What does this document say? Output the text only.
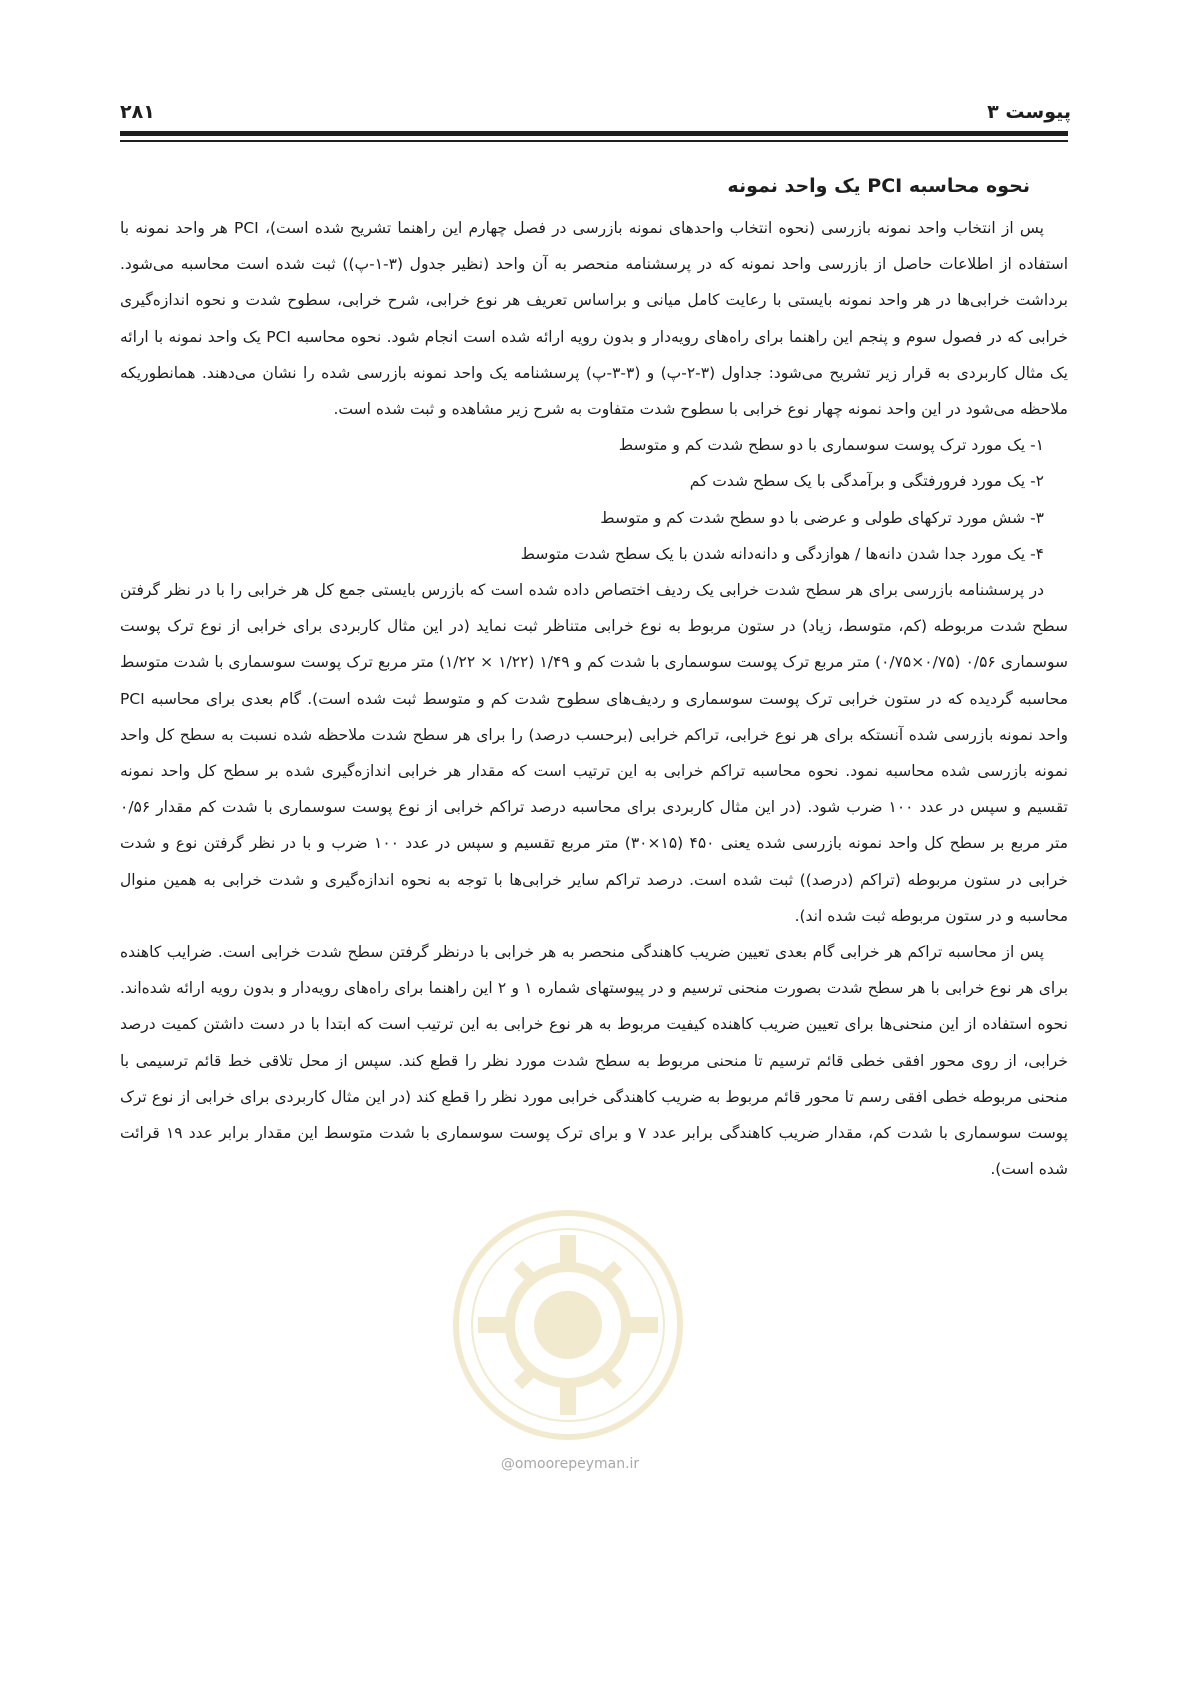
پیوست ۳
۲۸۱
نحوه محاسبه PCI یک واحد نمونه

پس از انتخاب واحد نمونه بازرسی (نحوه انتخاب واحدهای نمونه بازرسی در فصل چهارم این راهنما تشریح شده است)، PCI هر واحد نمونه با استفاده از اطلاعات حاصل از بازرسی واحد نمونه که در پرسشنامه منحصر به آن واحد (نظیر جدول (۳-۱-پ)) ثبت شده است محاسبه می‌شود. برداشت خرابی‌ها در هر واحد نمونه بایستی با رعایت کامل میانی و براساس تعریف هر نوع خرابی، شرح خرابی، سطوح شدت و نحوه اندازه‌گیری خرابی که در فصول سوم و پنجم این راهنما برای راه‌های رویه‌دار و بدون رویه ارائه شده است انجام شود. نحوه محاسبه PCI یک واحد نمونه با ارائه یک مثال کاربردی به قرار زیر تشریح می‌شود: جداول (۳-۲-پ) و (۳-۳-پ) پرسشنامه یک واحد نمونه بازرسی شده را نشان می‌دهند. همانطوریکه ملاحظه می‌شود در این واحد نمونه چهار نوع خرابی با سطوح شدت متفاوت به شرح زیر مشاهده و ثبت شده است.

۱- یک مورد ترک پوست سوسماری با دو سطح شدت کم و متوسط
۲- یک مورد فرورفتگی و برآمدگی با یک سطح شدت کم
۳- شش مورد ترکهای طولی و عرضی با دو سطح شدت کم و متوسط
۴- یک مورد جدا شدن دانه‌ها / هوازدگی و دانه‌دانه شدن با یک سطح شدت متوسط

در پرسشنامه بازرسی برای هر سطح شدت خرابی یک ردیف اختصاص داده شده است که بازرس بایستی جمع کل هر خرابی را با در نظر گرفتن سطح شدت مربوطه (کم، متوسط، زیاد) در ستون مربوط به نوع خرابی متناظر ثبت نماید (در این مثال کاربردی برای خرابی از نوع ترک پوست سوسماری ۰/۵۶ (۰/۷۵×۰/۷۵) متر مربع ترک پوست سوسماری با شدت کم و ۱/۴۹ (۱/۲۲ × ۱/۲۲) متر مربع ترک پوست سوسماری با شدت متوسط محاسبه گردیده که در ستون خرابی ترک پوست سوسماری و ردیف‌های سطوح شدت کم و متوسط ثبت شده است). گام بعدی برای محاسبه PCI واحد نمونه بازرسی شده آنستکه برای هر نوع خرابی، تراکم خرابی (برحسب درصد) را برای هر سطح شدت ملاحظه شده نسبت به سطح کل واحد نمونه بازرسی شده محاسبه نمود. نحوه محاسبه تراکم خرابی به این ترتیب است که مقدار هر خرابی اندازه‌گیری شده بر سطح کل واحد نمونه تقسیم و سپس در عدد ۱۰۰ ضرب شود. (در این مثال کاربردی برای محاسبه درصد تراکم خرابی از نوع پوست سوسماری با شدت کم مقدار ۰/۵۶ متر مربع بر سطح کل واحد نمونه بازرسی شده یعنی ۴۵۰ (۱۵×۳۰) متر مربع تقسیم و سپس در عدد ۱۰۰ ضرب و با در نظر گرفتن نوع و شدت خرابی در ستون مربوطه (تراکم (درصد)) ثبت شده است. درصد تراکم سایر خرابی‌ها با توجه به نحوه اندازه‌گیری و شدت خرابی به همین منوال محاسبه و در ستون مربوطه ثبت شده اند).

پس از محاسبه تراکم هر خرابی گام بعدی تعیین ضریب کاهندگی منحصر به هر خرابی با درنظر گرفتن سطح شدت خرابی است. ضرایب کاهنده برای هر نوع خرابی با هر سطح شدت بصورت منحنی ترسیم و در پیوستهای شماره ۱ و ۲ این راهنما برای راه‌های رویه‌دار و بدون رویه ارائه شده‌اند. نحوه استفاده از این منحنی‌ها برای تعیین ضریب کاهنده کیفیت مربوط به هر نوع خرابی به این ترتیب است که ابتدا با در دست داشتن کمیت درصد خرابی، از روی محور افقی خطی قائم ترسیم تا منحنی مربوط به سطح شدت مورد نظر را قطع کند. سپس از محل تلاقی خط قائم ترسیمی با منحنی مربوطه خطی افقی رسم تا محور قائم مربوط به ضریب کاهندگی خرابی مورد نظر را قطع کند (در این مثال کاربردی برای خرابی از نوع ترک پوست سوسماری با شدت کم، مقدار ضریب کاهندگی برابر عدد ۷ و برای ترک پوست سوسماری با شدت متوسط این مقدار برابر عدد ۱۹ قرائت شده است).

@omoorepeyman.ir
